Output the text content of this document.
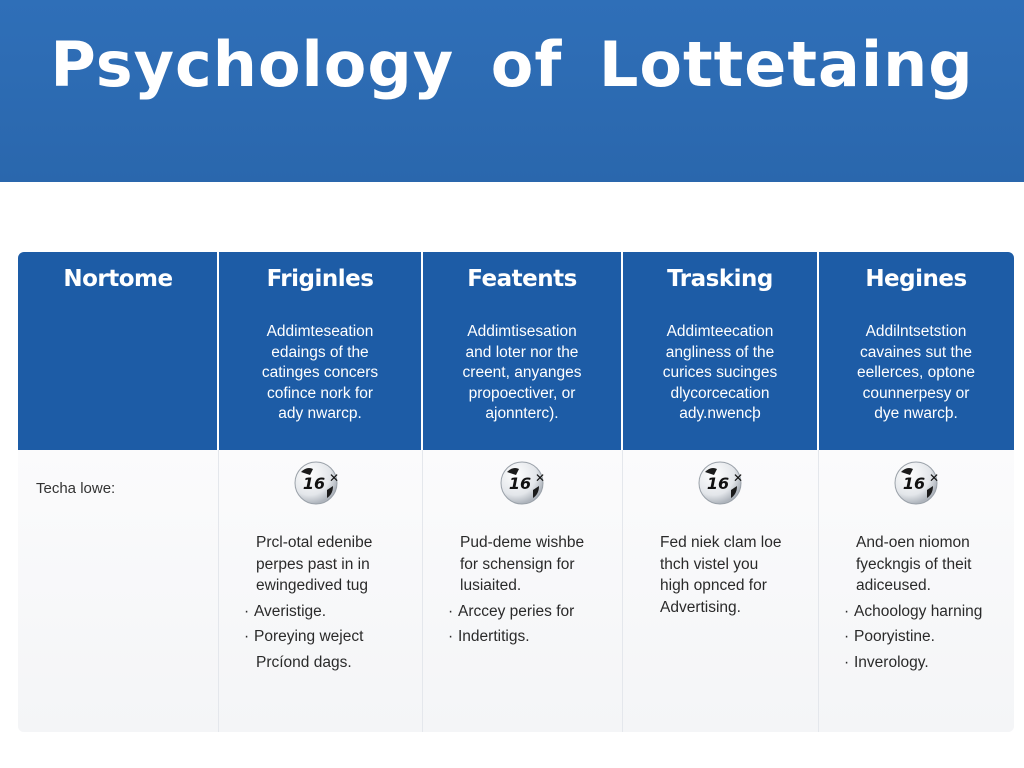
Psychology of Lottetaing
Techa lowe:
Nortome	Friginles
Addimteseation
edaings of the
catinges concers
cofince nork for
ady nwarcp.
16 ✕
Prcl-otal edenibe
perpes past in in
ewingedived tug
· Averistige.
· Poreying weject
Prcíond dags.
Featents
Addimtisesation
and loter nor the
creent, anyanges
propoectiver, or
ajonnterc).
16 ✕
Pud-deme wishbe
for schensign for
lusiaited.
· Arccey peries for
· Indertitigs.
Trasking
Addimteecation
angliness of the
curices sucinges
dlycorcecation
ady.nwencþ
16 ✕
Fed niek clam loe
thch vistel you
high opnced for
Advertising.
Hegines
Addilntsetstion
cavaines sut the
eellerces, optone
counnerpesy or
dye nwarcþ.
16 ✕
And-oen niomon
fyeckngis of theit
adiceused.
· Achoology harning
· Pooryistine.
· Inverology.
